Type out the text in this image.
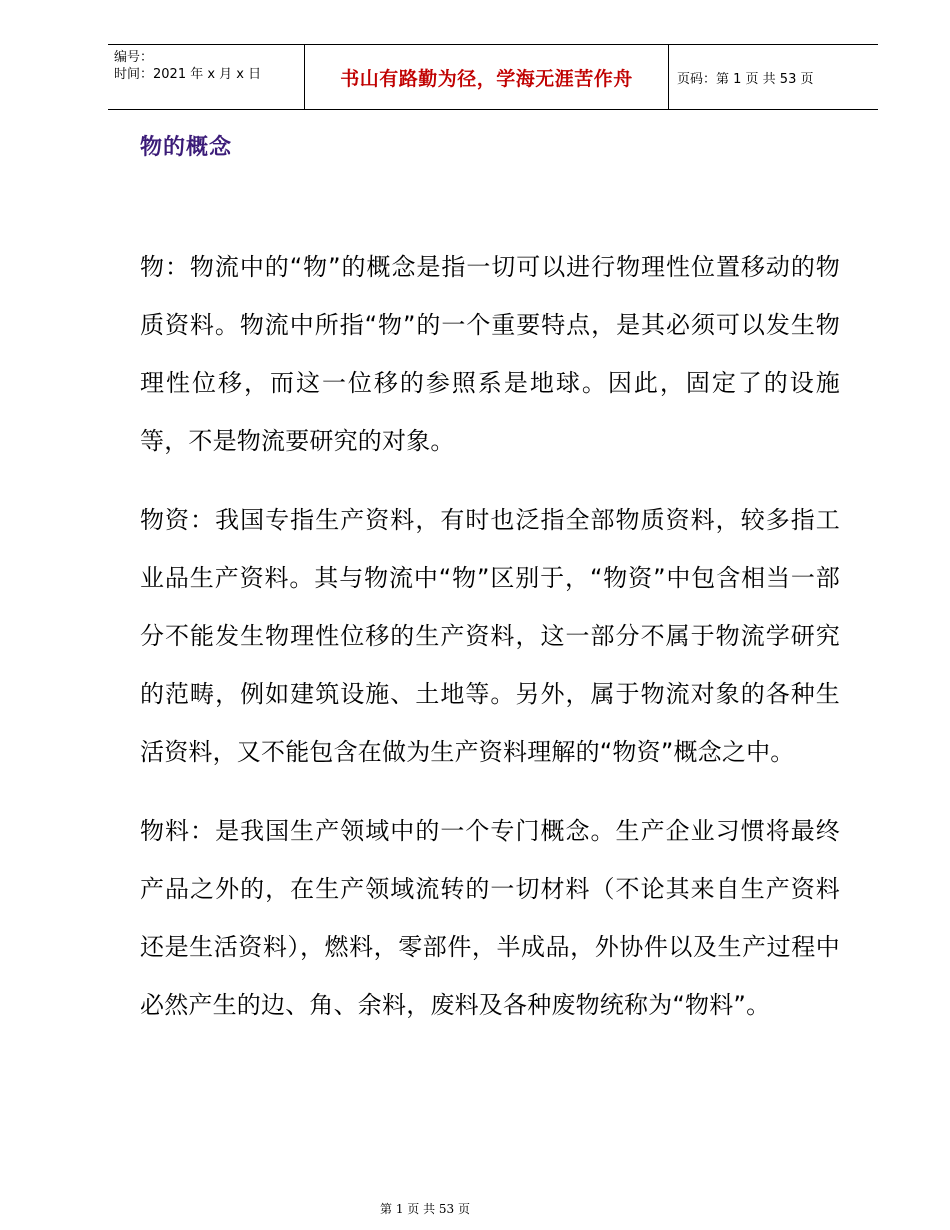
编号：
时间：2021 年 x 月 x 日	书山有路勤为径，学海无涯苦作舟	页码：第 1 页 共 53 页
物的概念

物：物流中的“物”的概念是指一切可以进行物理性位置移动的物质资料。物流中所指“物”的一个重要特点，是其必须可以发生物理性位移，而这一位移的参照系是地球。因此，固定了的设施等，不是物流要研究的对象。

物资：我国专指生产资料，有时也泛指全部物质资料，较多指工业品生产资料。其与物流中“物”区别于，“物资”中包含相当一部分不能发生物理性位移的生产资料，这一部分不属于物流学研究的范畴，例如建筑设施、土地等。另外，属于物流对象的各种生活资料，又不能包含在做为生产资料理解的“物资”概念之中。

物料：是我国生产领域中的一个专门概念。生产企业习惯将最终产品之外的，在生产领域流转的一切材料（不论其来自生产资料还是生活资料），燃料，零部件，半成品，外协件以及生产过程中必然产生的边、角、余料，废料及各种废物统称为“物料”。

第 1 页 共 53 页
